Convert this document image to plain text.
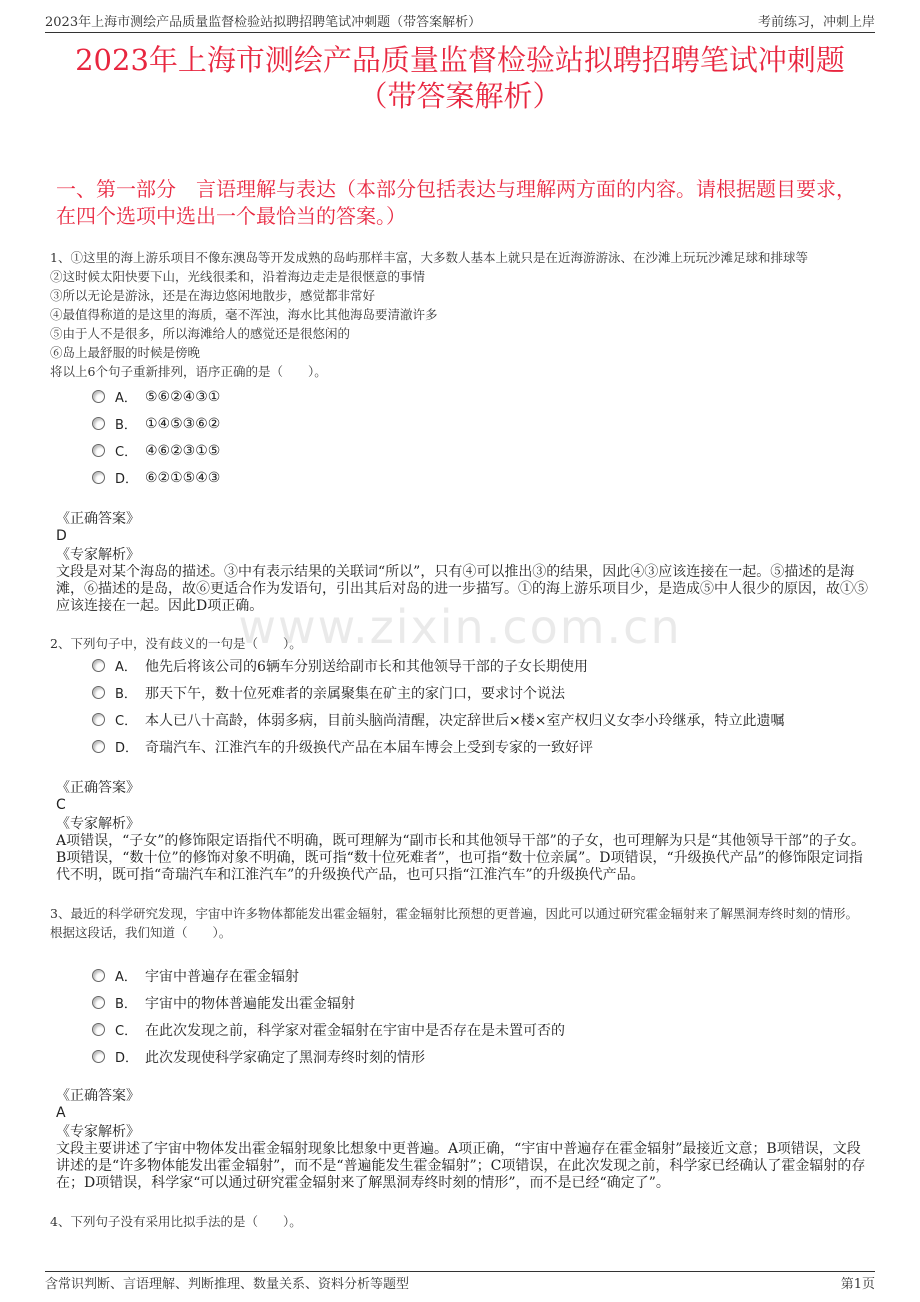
2023年上海市测绘产品质量监督检验站拟聘招聘笔试冲刺题（带答案解析）	考前练习，冲刺上岸
2023年上海市测绘产品质量监督检验站拟聘招聘笔试冲刺题
（带答案解析）
一、第一部分　言语理解与表达（本部分包括表达与理解两方面的内容。请根据题目要求，在四个选项中选出一个最恰当的答案。）
www.zixin.com.cn
1、①这里的海上游乐项目不像东澳岛等开发成熟的岛屿那样丰富，大多数人基本上就只是在近海游游泳、在沙滩上玩玩沙滩足球和排球等
②这时候太阳快要下山，光线很柔和，沿着海边走走是很惬意的事情
③所以无论是游泳，还是在海边悠闲地散步，感觉都非常好
④最值得称道的是这里的海质，毫不浑浊，海水比其他海岛要清澈许多
⑤由于人不是很多，所以海滩给人的感觉还是很悠闲的
⑥岛上最舒服的时候是傍晚
将以上6个句子重新排列，语序正确的是（　　）。
A． ⑤⑥②④③①
B． ①④⑤③⑥②
C． ④⑥②③①⑤
D． ⑥②①⑤④③
《正确答案》
D
《专家解析》
文段是对某个海岛的描述。③中有表示结果的关联词“所以”，只有④可以推出③的结果，因此④③应该连接在一起。⑤描述的是海滩，⑥描述的是岛，故⑥更适合作为发语句，引出其后对岛的进一步描写。①的海上游乐项目少，是造成⑤中人很少的原因，故①⑤应该连接在一起。因此D项正确。
2、下列句子中，没有歧义的一句是（　　）。
A． 他先后将该公司的6辆车分别送给副市长和其他领导干部的子女长期使用
B． 那天下午，数十位死难者的亲属聚集在矿主的家门口，要求讨个说法
C． 本人已八十高龄，体弱多病，目前头脑尚清醒，决定辞世后×楼×室产权归义女李小玲继承，特立此遗嘱
D． 奇瑞汽车、江淮汽车的升级换代产品在本届车博会上受到专家的一致好评
《正确答案》
C
《专家解析》
A项错误，“子女”的修饰限定语指代不明确，既可理解为“副市长和其他领导干部”的子女，也可理解为只是“其他领导干部”的子女。B项错误，“数十位”的修饰对象不明确，既可指“数十位死难者”，也可指“数十位亲属”。D项错误，“升级换代产品”的修饰限定词指代不明，既可指“奇瑞汽车和江淮汽车”的升级换代产品，也可只指“江淮汽车”的升级换代产品。
3、最近的科学研究发现，宇宙中许多物体都能发出霍金辐射，霍金辐射比预想的更普遍，因此可以通过研究霍金辐射来了解黑洞寿终时刻的情形。
根据这段话，我们知道（　　）。
A． 宇宙中普遍存在霍金辐射
B． 宇宙中的物体普遍能发出霍金辐射
C． 在此次发现之前，科学家对霍金辐射在宇宙中是否存在是未置可否的
D． 此次发现使科学家确定了黑洞寿终时刻的情形
《正确答案》
A
《专家解析》
文段主要讲述了宇宙中物体发出霍金辐射现象比想象中更普遍。A项正确，“宇宙中普遍存在霍金辐射”最接近文意；B项错误，文段讲述的是“许多物体能发出霍金辐射”，而不是“普遍能发生霍金辐射”；C项错误，在此次发现之前，科学家已经确认了霍金辐射的存在；D项错误，科学家“可以通过研究霍金辐射来了解黑洞寿终时刻的情形”，而不是已经“确定了”。
4、下列句子没有采用比拟手法的是（　　）。
含常识判断、言语理解、判断推理、数量关系、资料分析等题型	第1页
